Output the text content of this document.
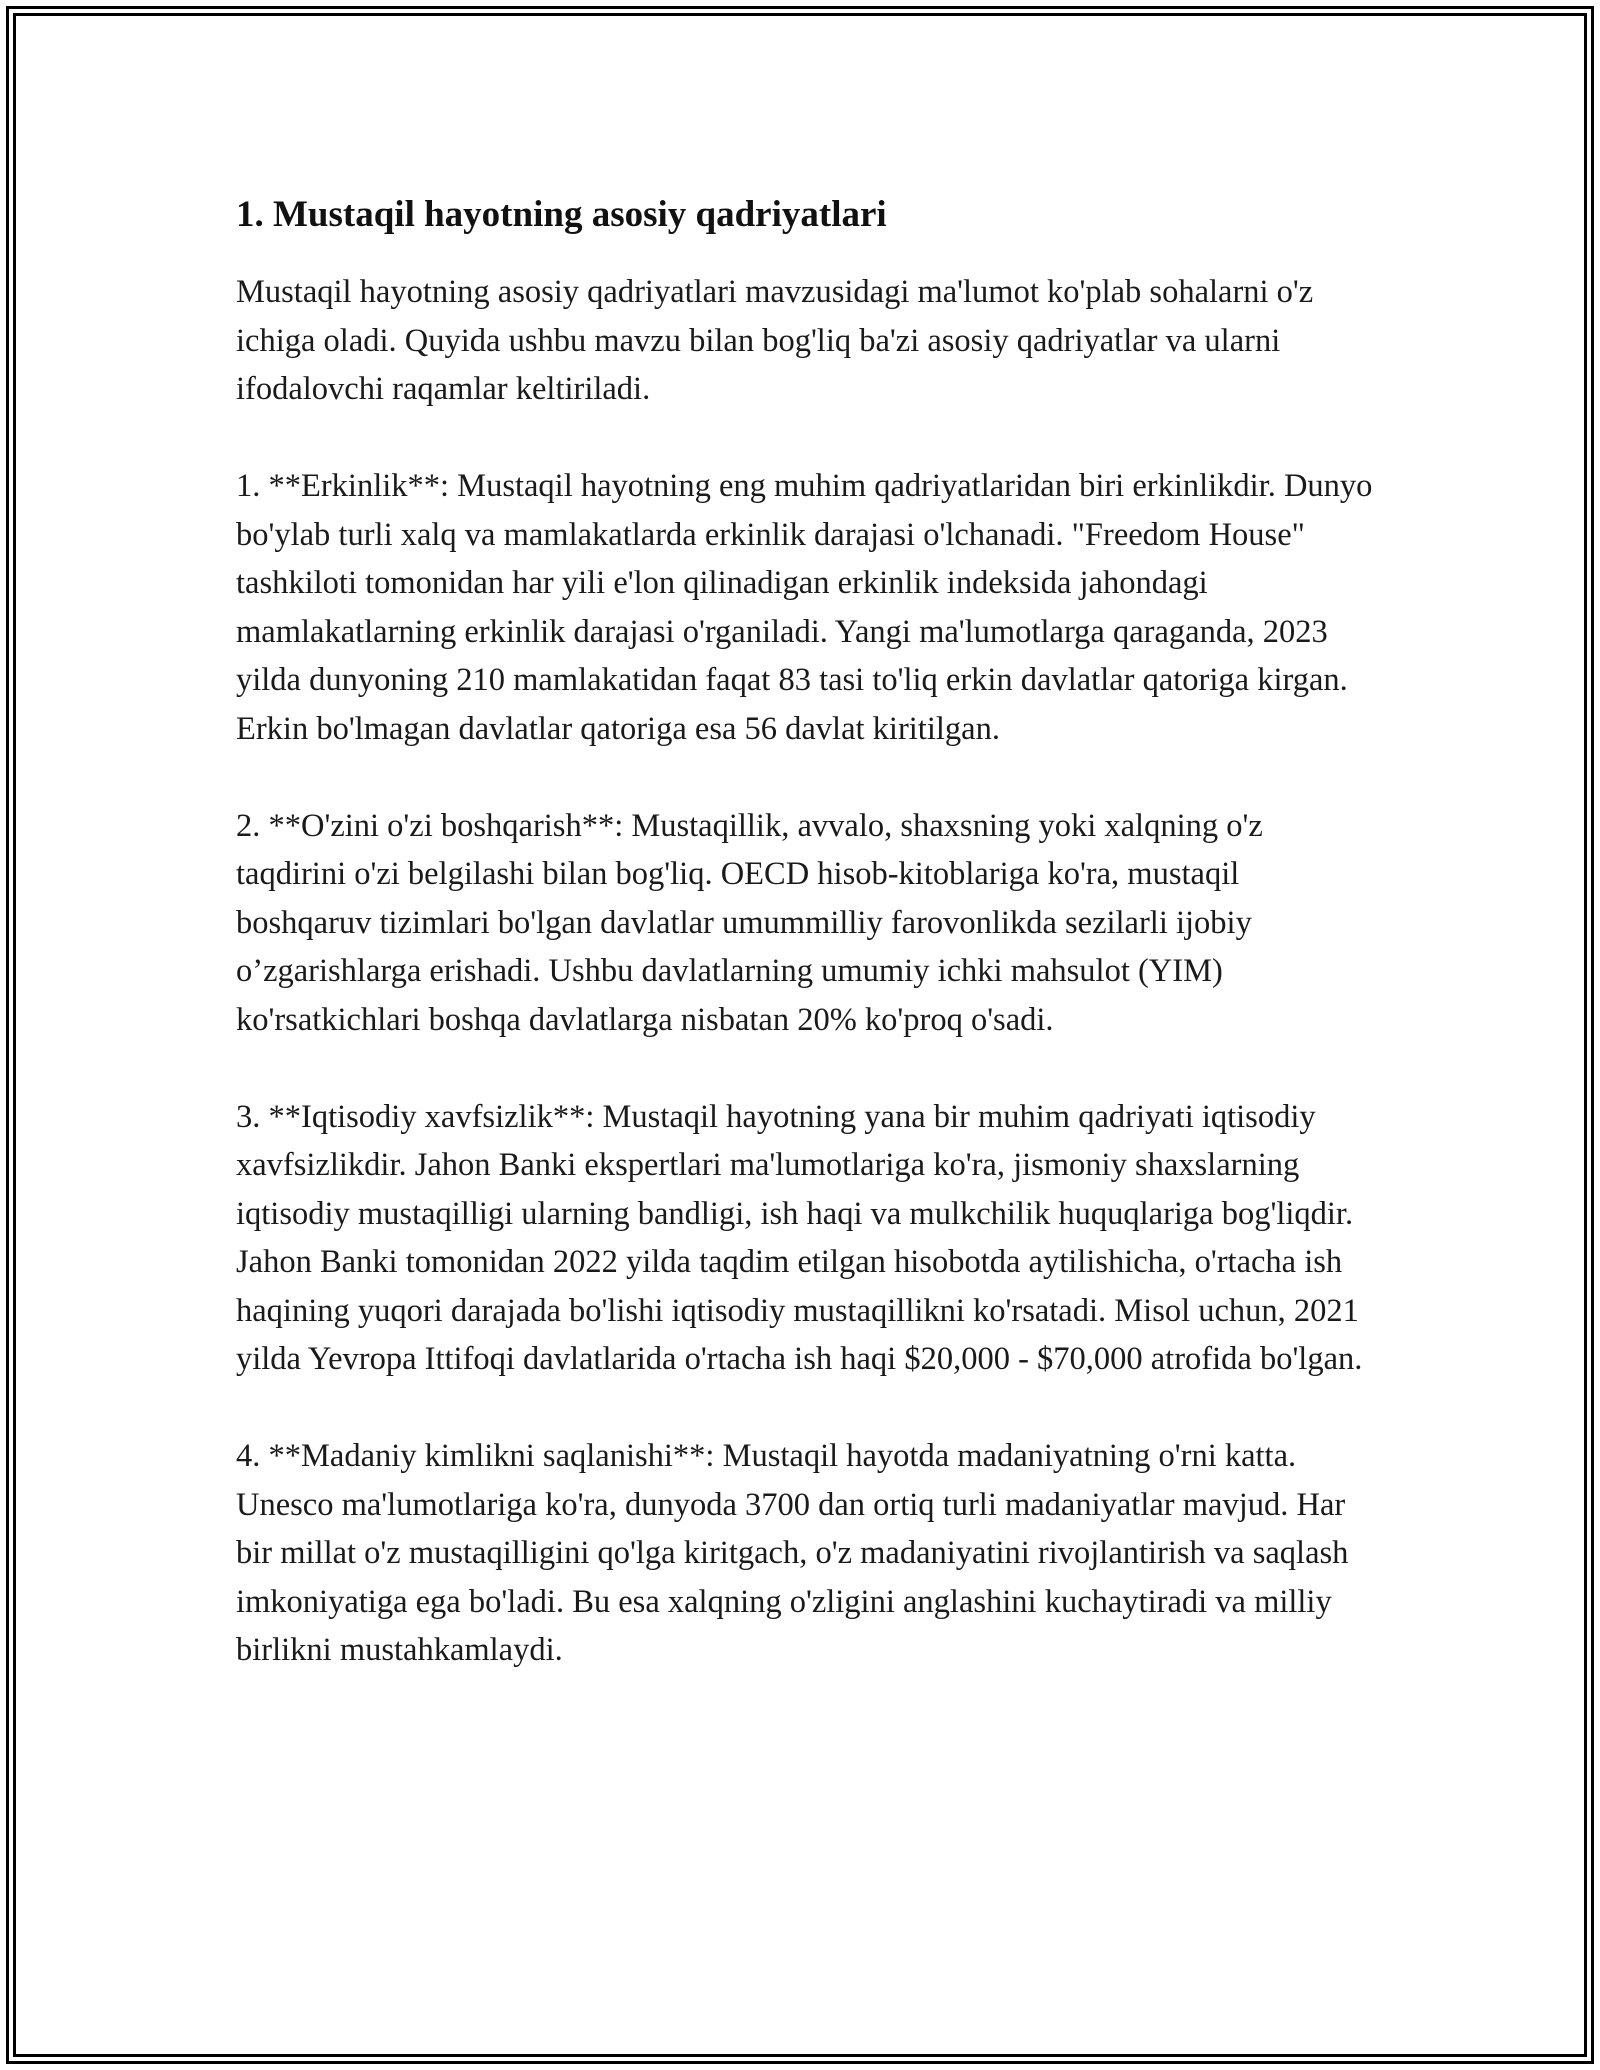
1. Mustaqil hayotning asosiy qadriyatlari

Mustaqil hayotning asosiy qadriyatlari mavzusidagi ma'lumot ko'plab sohalarni o'z ichiga oladi. Quyida ushbu mavzu bilan bog'liq ba'zi asosiy qadriyatlar va ularni ifodalovchi raqamlar keltiriladi.

1. **Erkinlik**: Mustaqil hayotning eng muhim qadriyatlaridan biri erkinlikdir. Dunyo bo'ylab turli xalq va mamlakatlarda erkinlik darajasi o'lchanadi. "Freedom House" tashkiloti tomonidan har yili e'lon qilinadigan erkinlik indeksida jahondagi mamlakatlarning erkinlik darajasi o'rganiladi. Yangi ma'lumotlarga qaraganda, 2023 yilda dunyoning 210 mamlakatidan faqat 83 tasi to'liq erkin davlatlar qatoriga kirgan. Erkin bo'lmagan davlatlar qatoriga esa 56 davlat kiritilgan.

2. **O'zini o'zi boshqarish**: Mustaqillik, avvalo, shaxsning yoki xalqning o'z taqdirini o'zi belgilashi bilan bog'liq. OECD hisob-kitoblariga ko'ra, mustaqil boshqaruv tizimlari bo'lgan davlatlar umummilliy farovonlikda sezilarli ijobiy o’zgarishlarga erishadi. Ushbu davlatlarning umumiy ichki mahsulot (YIM) ko'rsatkichlari boshqa davlatlarga nisbatan 20% ko'proq o'sadi.

3. **Iqtisodiy xavfsizlik**: Mustaqil hayotning yana bir muhim qadriyati iqtisodiy xavfsizlikdir. Jahon Banki ekspertlari ma'lumotlariga ko'ra, jismoniy shaxslarning iqtisodiy mustaqilligi ularning bandligi, ish haqi va mulkchilik huquqlariga bog'liqdir. Jahon Banki tomonidan 2022 yilda taqdim etilgan hisobotda aytilishicha, o'rtacha ish haqining yuqori darajada bo'lishi iqtisodiy mustaqillikni ko'rsatadi. Misol uchun, 2021 yilda Yevropa Ittifoqi davlatlarida o'rtacha ish haqi $20,000 - $70,000 atrofida bo'lgan.

4. **Madaniy kimlikni saqlanishi**: Mustaqil hayotda madaniyatning o'rni katta. Unesco ma'lumotlariga ko'ra, dunyoda 3700 dan ortiq turli madaniyatlar mavjud. Har bir millat o'z mustaqilligini qo'lga kiritgach, o'z madaniyatini rivojlantirish va saqlash imkoniyatiga ega bo'ladi. Bu esa xalqning o'zligini anglashini kuchaytiradi va milliy birlikni mustahkamlaydi.
